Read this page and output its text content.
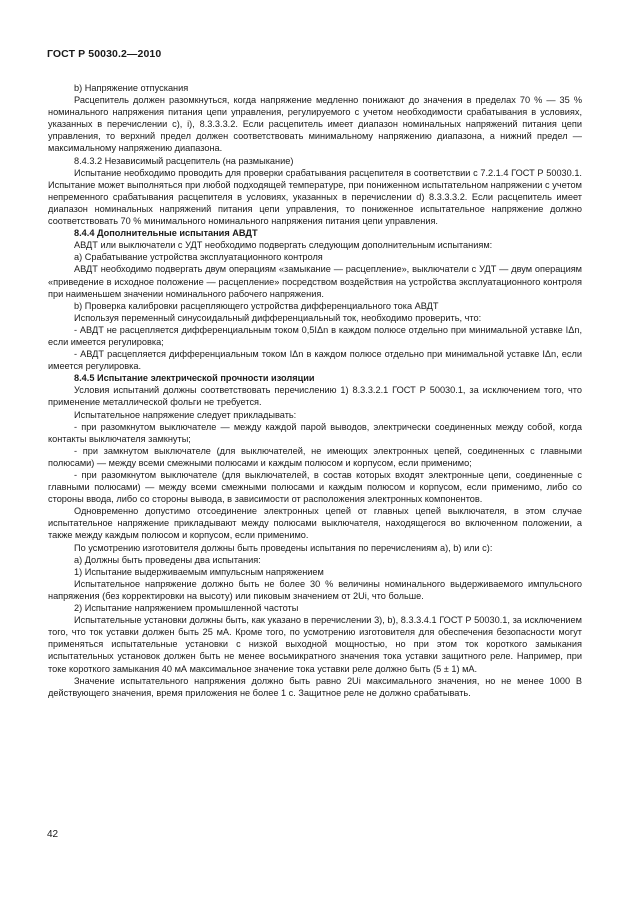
ГОСТ Р 50030.2—2010

b) Напряжение отпускания

Расцепитель должен разомкнуться, когда напряжение медленно понижают до значения в пределах 70 % — 35 % номинального напряжения питания цепи управления, регулируемого с учетом необходимости срабатывания в условиях, указанных в перечислении с), i), 8.3.3.3.2. Если расцепитель имеет диапазон номинальных напряжений питания цепи управления, то верхний предел должен соответствовать минимальному напряжению диапазона, а нижний предел — максимальному напряжению диапазона.

8.4.3.2 Независимый расцепитель (на размыкание)

Испытание необходимо проводить для проверки срабатывания расцепителя в соответствии с 7.2.1.4 ГОСТ Р 50030.1. Испытание может выполняться при любой подходящей температуре, при пониженном испытательном напряжении с учетом непременного срабатывания расцепителя в условиях, указанных в перечислении d) 8.3.3.3.2. Если расцепитель имеет диапазон номинальных напряжений питания цепи управления, то пониженное испытательное напряжение должно соответствовать 70 % минимального номинального напряжения питания цепи управления.

8.4.4 Дополнительные испытания АВДТ

АВДТ или выключатели с УДТ необходимо подвергать следующим дополнительным испытаниям:

а) Срабатывание устройства эксплуатационного контроля

АВДТ необходимо подвергать двум операциям «замыкание — расцепление», выключатели с УДТ — двум операциям «приведение в исходное положение — расцепление» посредством воздействия на устройства эксплуатационного контроля при наименьшем значении номинального рабочего напряжения.

b) Проверка калибровки расцепляющего устройства дифференциального тока АВДТ

Используя переменный синусоидальный дифференциальный ток, необходимо проверить, что:

- АВДТ не расцепляется дифференциальным током 0,5IΔn в каждом полюсе отдельно при минимальной уставке IΔn, если имеется регулировка;

- АВДТ расцепляется дифференциальным током IΔn в каждом полюсе отдельно при минимальной уставке IΔn, если имеется регулировка.

8.4.5 Испытание электрической прочности изоляции

Условия испытаний должны соответствовать перечислению 1) 8.3.3.2.1 ГОСТ Р 50030.1, за исключением того, что применение металлической фольги не требуется.

Испытательное напряжение следует прикладывать:

- при разомкнутом выключателе — между каждой парой выводов, электрически соединенных между собой, когда контакты выключателя замкнуты;

- при замкнутом выключателе (для выключателей, не имеющих электронных цепей, соединенных с главными полюсами) — между всеми смежными полюсами и каждым полюсом и корпусом, если применимо;

- при разомкнутом выключателе (для выключателей, в состав которых входят электронные цепи, соединенные с главными полюсами) — между всеми смежными полюсами и каждым полюсом и корпусом, если применимо, либо со стороны ввода, либо со стороны вывода, в зависимости от расположения электронных компонентов.

Одновременно допустимо отсоединение электронных цепей от главных цепей выключателя, в этом случае испытательное напряжение прикладывают между полюсами выключателя, находящегося во включенном положении, а также между каждым полюсом и корпусом, если применимо.

По усмотрению изготовителя должны быть проведены испытания по перечислениям а), b) или с):

а) Должны быть проведены два испытания:

1) Испытание выдерживаемым импульсным напряжением

Испытательное напряжение должно быть не более 30 % величины номинального выдерживаемого импульсного напряжения (без корректировки на высоту) или пиковым значением от 2Ui, что больше.

2) Испытание напряжением промышленной частоты

Испытательные установки должны быть, как указано в перечислении 3), b), 8.3.3.4.1 ГОСТ Р 50030.1, за исключением того, что ток уставки должен быть 25 мА. Кроме того, по усмотрению изготовителя для обеспечения безопасности могут применяться испытательные установки с низкой выходной мощностью, но при этом ток короткого замыкания испытательных установок должен быть не менее восьмикратного значения тока уставки защитного реле. Например, при токе короткого замыкания 40 мА максимальное значение тока уставки реле должно быть (5 ± 1) мА.

Значение испытательного напряжения должно быть равно 2Ui максимального значения, но не менее 1000 В действующего значения, время приложения не более 1 с. Защитное реле не должно срабатывать.

42
